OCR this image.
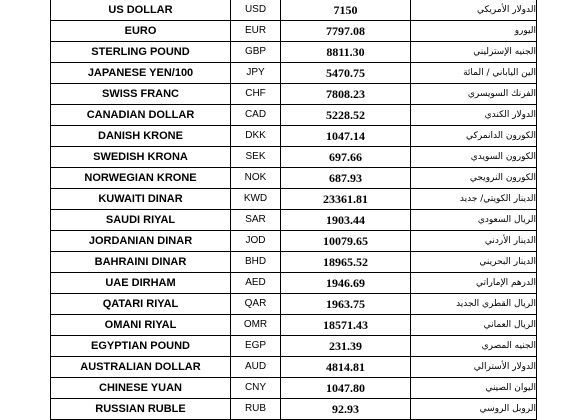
US DOLLAR	USD	7150	الدولار الأمريكي
EURO	EUR	7797.08	اليورو
STERLING POUND	GBP	8811.30	الجنيه الإسترليني
JAPANESE YEN/100	JPY	5470.75	الين الياباني / المائة
SWISS FRANC	CHF	7808.23	الفرنك السويسري
CANADIAN DOLLAR	CAD	5228.52	الدولار الكندي
DANISH KRONE	DKK	1047.14	الكورون الدانمركي
SWEDISH KRONA	SEK	697.66	الكورون السويدي
NORWEGIAN KRONE	NOK	687.93	الكورون النرويجي
KUWAITI DINAR	KWD	23361.81	الدينار الكويتي/ جديد
SAUDI RIYAL	SAR	1903.44	الريال السعودي
JORDANIAN DINAR	JOD	10079.65	الدينار الأردني
BAHRAINI DINAR	BHD	18965.52	الدينار البحريني
UAE DIRHAM	AED	1946.69	الدرهم الإماراتي
QATARI RIYAL	QAR	1963.75	الريال القطري الجديد
OMANI RIYAL	OMR	18571.43	الريال العماني
EGYPTIAN POUND	EGP	231.39	الجنيه المصري
AUSTRALIAN DOLLAR	AUD	4814.81	الدولار الأسترالي
CHINESE YUAN	CNY	1047.80	اليوان الصيني
RUSSIAN RUBLE	RUB	92.93	الروبل الروسي
